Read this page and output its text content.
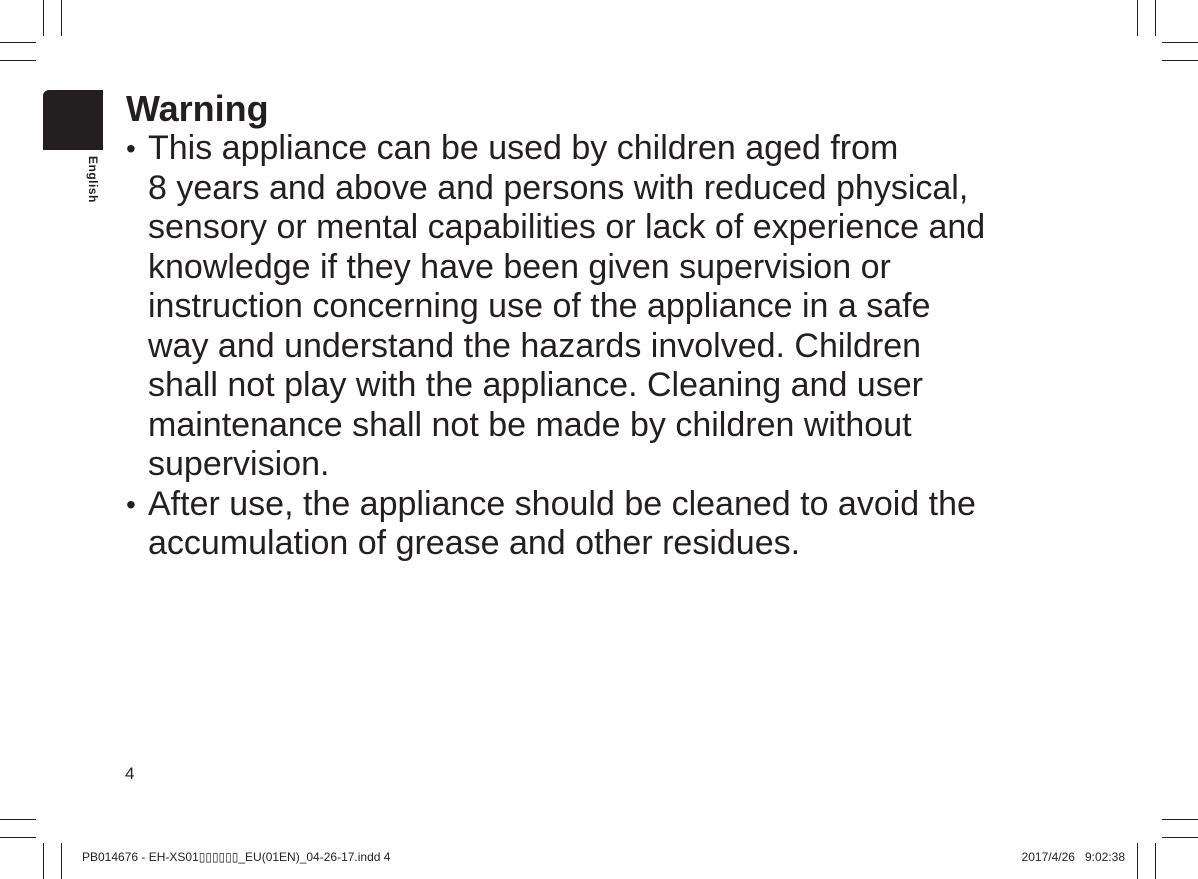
English
Warning
• This appliance can be used by children aged from
8 years and above and persons with reduced physical,
sensory or mental capabilities or lack of experience and
knowledge if they have been given supervision or
instruction concerning use of the appliance in a safe
way and understand the hazards involved. Children
shall not play with the appliance. Cleaning and user
maintenance shall not be made by children without
supervision.
• After use, the appliance should be cleaned to avoid the
accumulation of grease and other residues.
4
PB014676 - EH-XS01▯▯▯▯▯▯_EU(01EN)_04-26-17.indd 4	2017/4/26 9:02:38
